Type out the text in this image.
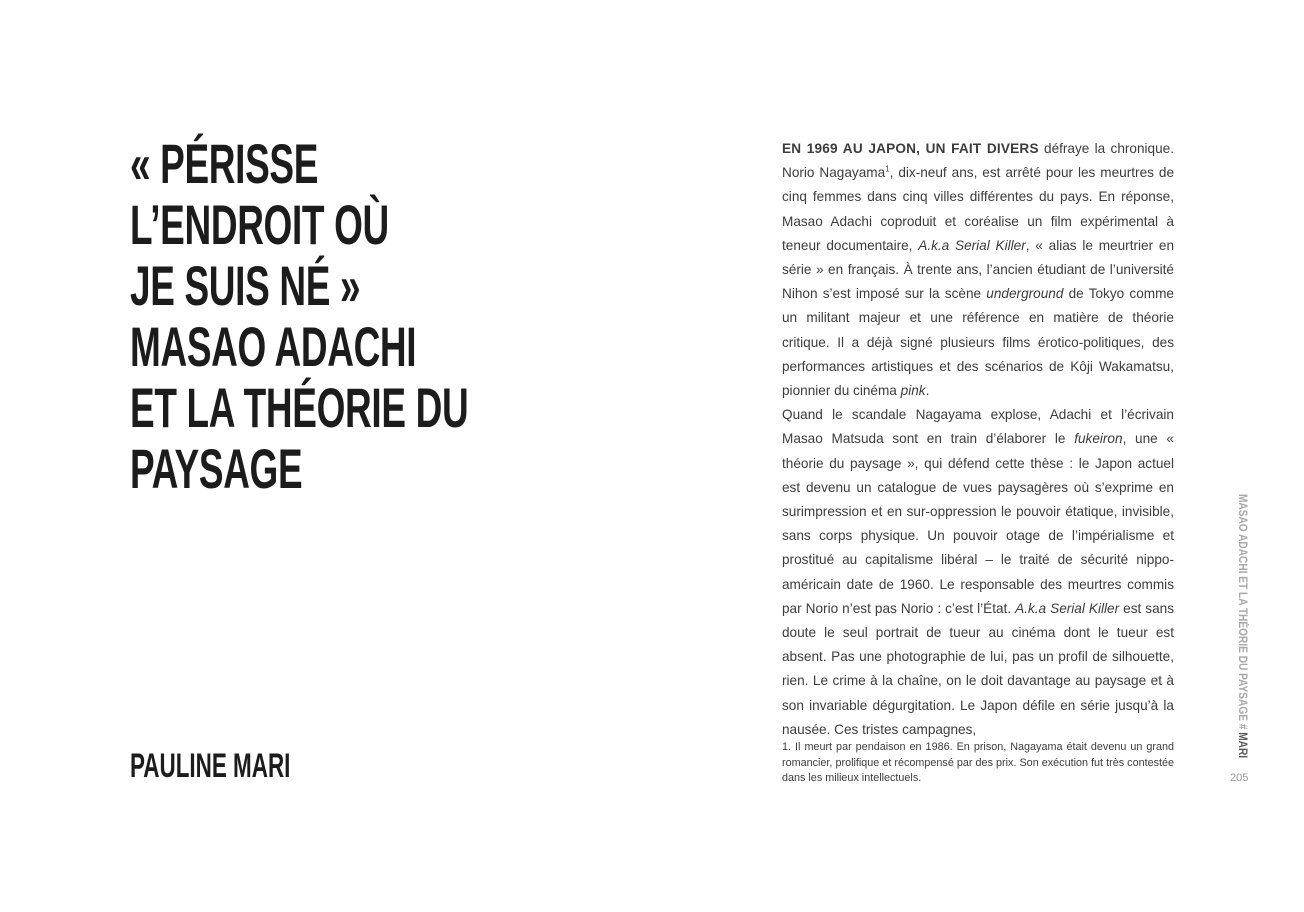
« PÉRISSE
L’ENDROIT OÙ
JE SUIS NÉ »
MASAO ADACHI
ET LA THÉORIE DU
PAYSAGE
PAULINE MARI

EN 1969 AU JAPON, UN FAIT DIVERS défraye la chronique. Norio Nagayama$^1$, dix-neuf ans, est arrêté pour les meurtres de cinq femmes dans cinq villes différentes du pays. En réponse, Masao Adachi coproduit et coréalise un film expérimental à teneur documentaire, A.k.a Serial Killer, « alias le meurtrier en série » en français. À trente ans, l’ancien étudiant de l’université Nihon s’est imposé sur la scène underground de Tokyo comme un militant majeur et une référence en matière de théorie critique. Il a déjà signé plusieurs films érotico-politiques, des performances artistiques et des scénarios de Kôji Wakamatsu, pionnier du cinéma pink.

Quand le scandale Nagayama explose, Adachi et l’écrivain Masao Matsuda sont en train d’élaborer le fukeiron, une « théorie du paysage », qui défend cette thèse : le Japon actuel est devenu un catalogue de vues paysagères où s’exprime en surimpression et en sur-oppression le pouvoir étatique, invisible, sans corps physique. Un pouvoir otage de l’impérialisme et prostitué au capitalisme libéral – le traité de sécurité nippo-américain date de 1960. Le responsable des meurtres commis par Norio n’est pas Norio : c’est l’État. A.k.a Serial Killer est sans doute le seul portrait de tueur au cinéma dont le tueur est absent. Pas une photographie de lui, pas un profil de silhouette, rien. Le crime à la chaîne, on le doit davantage au paysage et à son invariable dégurgitation. Le Japon défile en série jusqu’à la nausée. Ces tristes campagnes,

1. Il meurt par pendaison en 1986. En prison, Nagayama était devenu un grand romancier, prolifique et récompensé par des prix. Son exécution fut très contestée dans les milieux intellectuels.

MASAO ADACHI ET LA THÉORIE DU PAYSAGE # MARI
205
